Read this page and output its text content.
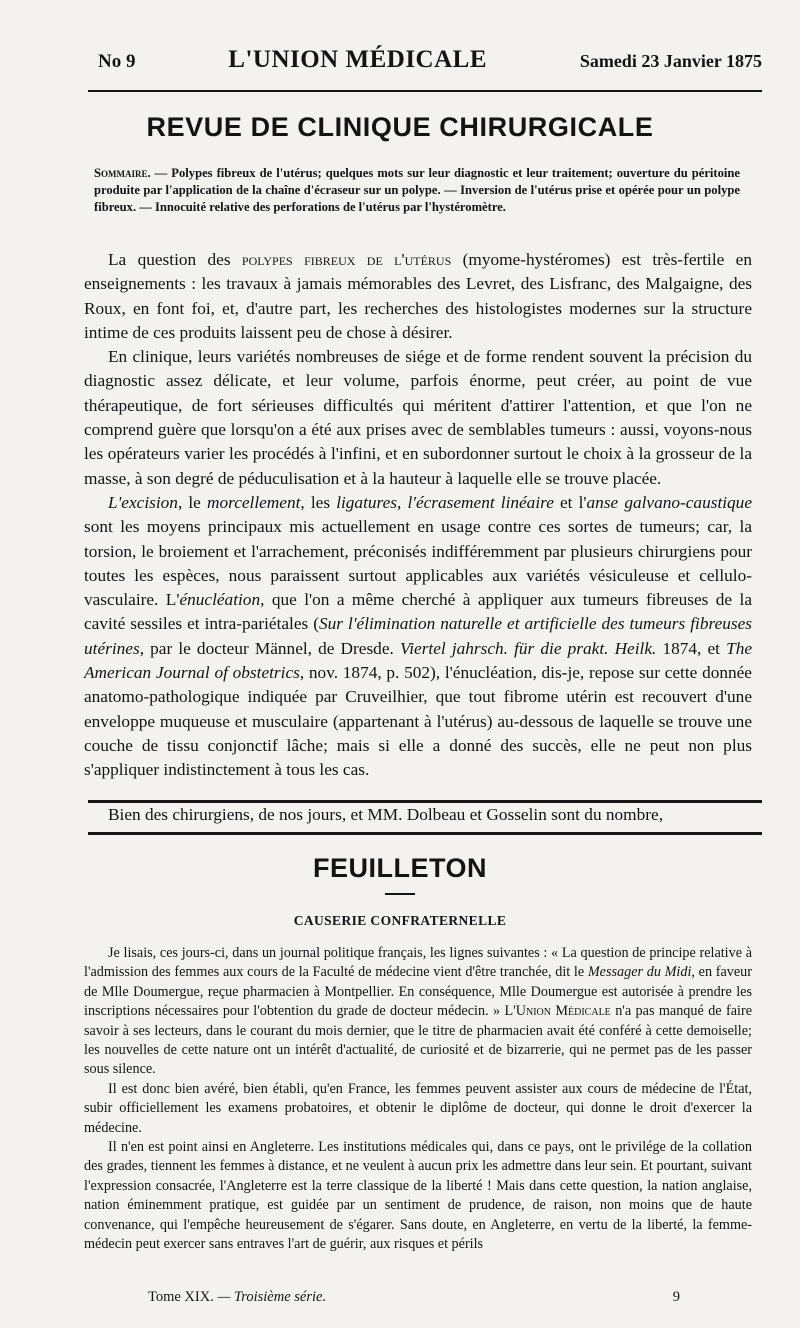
No 9	L'UNION MÉDICALE	Samedi 23 Janvier 1875
REVUE DE CLINIQUE CHIRURGICALE
Sommaire. — Polypes fibreux de l'utérus; quelques mots sur leur diagnostic et leur traitement; ouverture du péritoine produite par l'application de la chaîne d'écraseur sur un polype. — Inversion de l'utérus prise et opérée pour un polype fibreux. — Innocuité relative des perforations de l'utérus par l'hystéromètre.

La question des polypes fibreux de l'utérus (myome-hystéromes) est très-fertile en enseignements : les travaux à jamais mémorables des Levret, des Lisfranc, des Malgaigne, des Roux, en font foi, et, d'autre part, les recherches des histologistes modernes sur la structure intime de ces produits laissent peu de chose à désirer.

En clinique, leurs variétés nombreuses de siége et de forme rendent souvent la précision du diagnostic assez délicate, et leur volume, parfois énorme, peut créer, au point de vue thérapeutique, de fort sérieuses difficultés qui méritent d'attirer l'attention, et que l'on ne comprend guère que lorsqu'on a été aux prises avec de semblables tumeurs : aussi, voyons-nous les opérateurs varier les procédés à l'infini, et en subordonner surtout le choix à la grosseur de la masse, à son degré de péduculisation et à la hauteur à laquelle elle se trouve placée.

L'excision, le morcellement, les ligatures, l'écrasement linéaire et l'anse galvano-caustique sont les moyens principaux mis actuellement en usage contre ces sortes de tumeurs; car, la torsion, le broiement et l'arrachement, préconisés indifféremment par plusieurs chirurgiens pour toutes les espèces, nous paraissent surtout applicables aux variétés vésiculeuse et cellulo-vasculaire. L'énucléation, que l'on a même cherché à appliquer aux tumeurs fibreuses de la cavité sessiles et intra-pariétales (Sur l'élimination naturelle et artificielle des tumeurs fibreuses utérines, par le docteur Männel, de Dresde. Viertel jahrsch. für die prakt. Heilk. 1874, et The American Journal of obstetrics, nov. 1874, p. 502), l'énucléation, dis-je, repose sur cette donnée anatomo-pathologique indiquée par Cruveilhier, que tout fibrome utérin est recouvert d'une enveloppe muqueuse et musculaire (appartenant à l'utérus) au-dessous de laquelle se trouve une couche de tissu conjonctif lâche; mais si elle a donné des succès, elle ne peut non plus s'appliquer indistinctement à tous les cas.

Bien des chirurgiens, de nos jours, et MM. Dolbeau et Gosselin sont du nombre,

FEUILLETON
CAUSERIE CONFRATERNELLE

Je lisais, ces jours-ci, dans un journal politique français, les lignes suivantes : « La question de principe relative à l'admission des femmes aux cours de la Faculté de médecine vient d'être tranchée, dit le Messager du Midi, en faveur de Mlle Doumergue, reçue pharmacien à Montpellier. En conséquence, Mlle Doumergue est autorisée à prendre les inscriptions nécessaires pour l'obtention du grade de docteur médecin. » L'Union Médicale n'a pas manqué de faire savoir à ses lecteurs, dans le courant du mois dernier, que le titre de pharmacien avait été conféré à cette demoiselle; les nouvelles de cette nature ont un intérêt d'actualité, de curiosité et de bizarrerie, qui ne permet pas de les passer sous silence.

Il est donc bien avéré, bien établi, qu'en France, les femmes peuvent assister aux cours de médecine de l'État, subir officiellement les examens probatoires, et obtenir le diplôme de docteur, qui donne le droit d'exercer la médecine.

Il n'en est point ainsi en Angleterre. Les institutions médicales qui, dans ce pays, ont le privilége de la collation des grades, tiennent les femmes à distance, et ne veulent à aucun prix les admettre dans leur sein. Et pourtant, suivant l'expression consacrée, l'Angleterre est la terre classique de la liberté ! Mais dans cette question, la nation anglaise, nation éminemment pratique, est guidée par un sentiment de prudence, de raison, non moins que de haute convenance, qui l'empêche heureusement de s'égarer. Sans doute, en Angleterre, en vertu de la liberté, la femme-médecin peut exercer sans entraves l'art de guérir, aux risques et périls

Tome XIX. — Troisième série.	9
